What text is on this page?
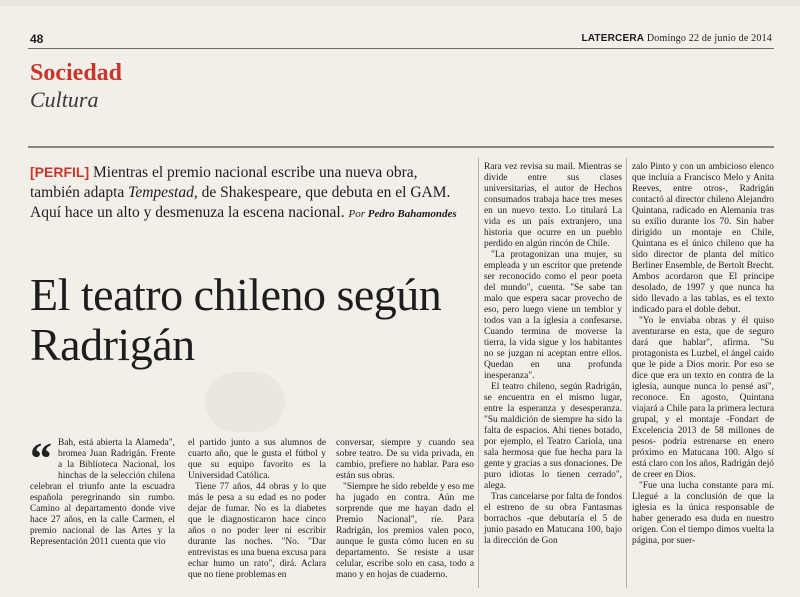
48	LATERCERA Domingo 22 de junio de 2014
Sociedad
Cultura
[PERFIL] Mientras el premio nacional escribe una nueva obra, también adapta Tempestad, de Shakespeare, que debuta en el GAM. Aquí hace un alto y desmenuza la escena nacional. Por Pedro Bahamondes
El teatro chileno según Radrigán
“ Bah, está abierta la Alameda", bromea Juan Radrigán. Frente a la Biblioteca Nacional, los hinchas de la selección chilena celebran el triunfo ante la escuadra española peregrinando sin rumbo. Camino al departamento donde vive hace 27 años, en la calle Carmen, el premio nacional de las Artes y la Representación 2011 cuenta que vio

el partido junto a sus alumnos de cuarto año, que le gusta el fútbol y que su equipo favorito es la Universidad Católica.

Tiene 77 años, 44 obras y lo que más le pesa a su edad es no poder dejar de fumar. No es la diabetes que le diagnosticaron hace cinco años o no poder leer ni escribir durante las noches. "No. "Dar entrevistas es una buena excusa para echar humo un rato", dirá. Aclara que no tiene problemas en

conversar, siempre y cuando sea sobre teatro. De su vida privada, en cambio, prefiere no hablar. Para eso están sus obras.

"Siempre he sido rebelde y eso me ha jugado en contra. Aún me sorprende que me hayan dado el Premio Nacional", ríe. Para Radrigán, los premios valen poco, aunque le gusta cómo lucen en su departamento. Se resiste a usar celular, escribe solo en casa, todo a mano y en hojas de cuaderno.

Rara vez revisa su mail. Mientras se divide entre sus clases universitarias, el autor de Hechos consumados trabaja hace tres meses en un nuevo texto. Lo titulará La vida es un país extranjero, una historia que ocurre en un pueblo perdido en algún rincón de Chile.

"La protagonizan una mujer, su empleada y un escritor que pretende ser reconocido como el peor poeta del mundo", cuenta. "Se sabe tan malo que espera sacar provecho de eso, pero luego viene un temblor y todos van a la iglesia a confesarse. Cuando termina de moverse la tierra, la vida sigue y los habitantes no se juzgan ni aceptan entre ellos. Quedan en una profunda inesperanza".

El teatro chileno, según Radrigán, se encuentra en el mismo lugar, entre la esperanza y desesperanza. "Su maldición de siempre ha sido la falta de espacios. Ahí tienes botado, por ejemplo, el Teatro Cariola, una sala hermosa que fue hecha para la gente y gracias a sus donaciones. De puro idiotas lo tienen cerrado", alega.

Tras cancelarse por falta de fondos el estreno de su obra Fantasmas borrachos -que debutaría el 5 de junio pasado en Matucana 100, bajo la dirección de Gon

zalo Pinto y con un ambicioso elenco que incluía a Francisco Melo y Anita Reeves, entre otros-, Radrigán contactó al director chileno Alejandro Quintana, radicado en Alemania tras su exilio durante los 70. Sin haber dirigido un montaje en Chile, Quintana es el único chileno que ha sido director de planta del mítico Berliner Ensemble, de Bertolt Brecht. Ambos acordaron que El príncipe desolado, de 1997 y que nunca ha sido llevado a las tablas, es el texto indicado para el doble debut.

"Yo le enviaba obras y él quiso aventurarse en esta, que de seguro dará que hablar", afirma. "Su protagonista es Luzbel, el ángel caído que le pide a Dios morir. Por eso se dice que era un texto en contra de la iglesia, aunque nunca lo pensé así", reconoce. En agosto, Quintana viajará a Chile para la primera lectura grupal, y el montaje -Fondart de Excelencia 2013 de 58 millones de pesos- podría estrenarse en enero próximo en Matucana 100. Algo sí está claro con los años, Radrigán dejó de creer en Dios.

"Fue una lucha constante para mí. Llegué a la conclusión de que la iglesia es la única responsable de haber generado esa duda en nuestro origen. Con el tiempo dimos vuelta la página, por suer-
